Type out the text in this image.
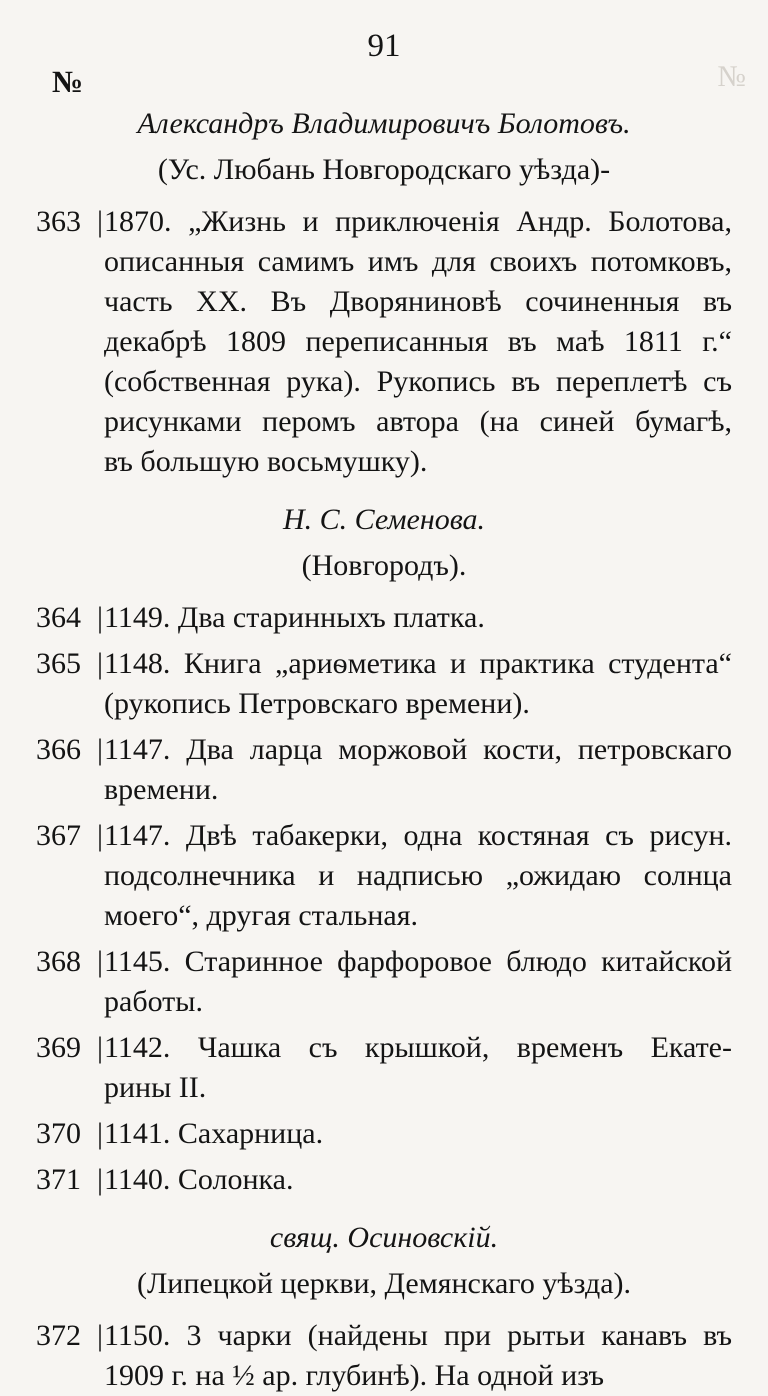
91
№	№
Александръ Владимировичъ Болотовъ.
(Ус. Любань Новгородскаго уѣзда)-
363 |1870. „Жизнь и приключенія Андр. Болотова,
описанныя самимъ имъ для своихъ потомковъ,
часть XX. Въ Дворяниновѣ сочиненныя въ
декабрѣ 1809 переписанныя въ маѣ 1811 г.“
(собственная рука). Рукопись въ переплетѣ съ
рисунками перомъ автора (на синей бумагѣ,
въ большую восьмушку).
Н. С. Семенова.
(Новгородъ).
364 |1149. Два старинныхъ платка.
365 |1148. Книга „ариѳметика и практика студента“
(рукопись Петровскаго времени).
366 |1147. Два ларца моржовой кости, петровскаго
времени.
367 |1147. Двѣ табакерки, одна костяная съ рисун.
подсолнечника и надписью „ожидаю солнца
моего“, другая стальная.
368 |1145. Старинное фарфоровое блюдо китайской
работы.
369 |1142. Чашка съ крышкой, временъ Екате-
рины II.
370 |1141. Сахарница.
371 |1140. Солонка.
свящ. Осиновскій.
(Липецкой церкви, Демянскаго уѣзда).
372 |1150. 3 чарки (найдены при рытьи канавъ въ
1909 г. на ½ ар. глубинѣ). На одной изъ
